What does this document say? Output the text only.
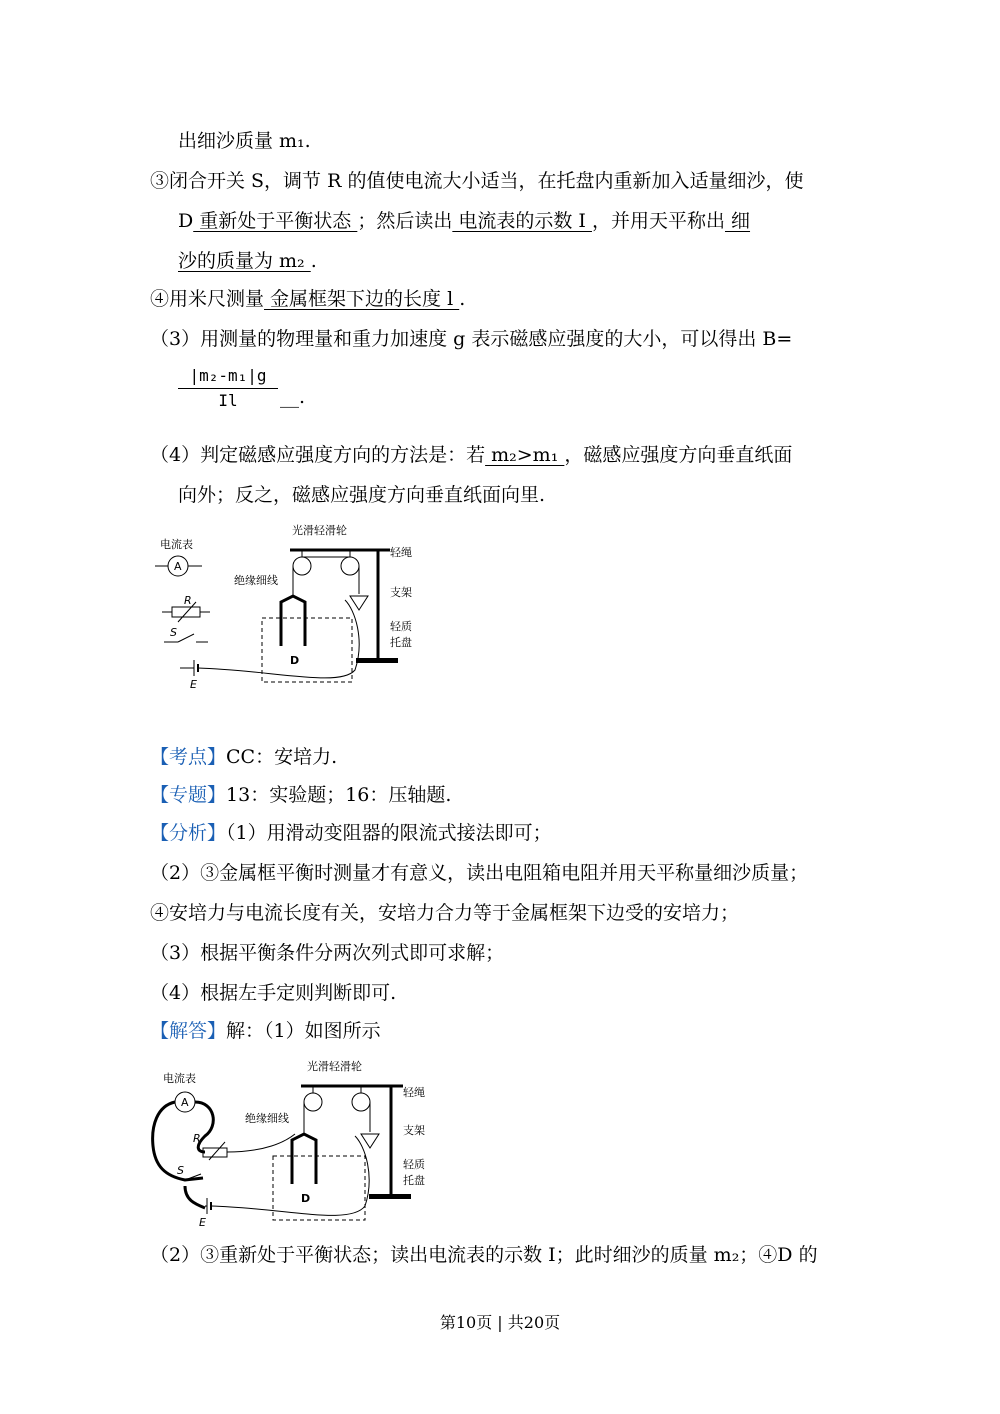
出细沙质量 m₁.
③闭合开关 S，调节 R 的值使电流大小适当，在托盘内重新加入适量细沙，使
D 重新处于平衡状态 ；然后读出 电流表的示数 I ，并用天平称出 细
沙的质量为 m₂ .
④用米尺测量 金属框架下边的长度 l .
（3）用测量的物理量和重力加速度 g 表示磁感应强度的大小，可以得出 B=
|m₂-m₁|g
Il	__.
（4）判定磁感应强度方向的方法是：若 m₂>m₁ ，磁感应强度方向垂直纸面
向外；反之，磁感应强度方向垂直纸面向里.
电流表
A
R
S
E
光滑轻滑轮
轻绳
支架
轻质
托盘
绝缘细线
D
【考点】CC：安培力.
【专题】13：实验题；16：压轴题.
【分析】（1）用滑动变阻器的限流式接法即可；
（2）③金属框平衡时测量才有意义，读出电阻箱电阻并用天平称量细沙质量；
④安培力与电流长度有关，安培力合力等于金属框架下边受的安培力；
（3）根据平衡条件分两次列式即可求解；
（4）根据左手定则判断即可.
【解答】解：（1）如图所示
电流表
A
R
S
E
绝缘细线
光滑轻滑轮
轻绳
支架
轻质
托盘
D
（2）③重新处于平衡状态；读出电流表的示数 I；此时细沙的质量 m₂；④D 的
第10页 | 共20页
